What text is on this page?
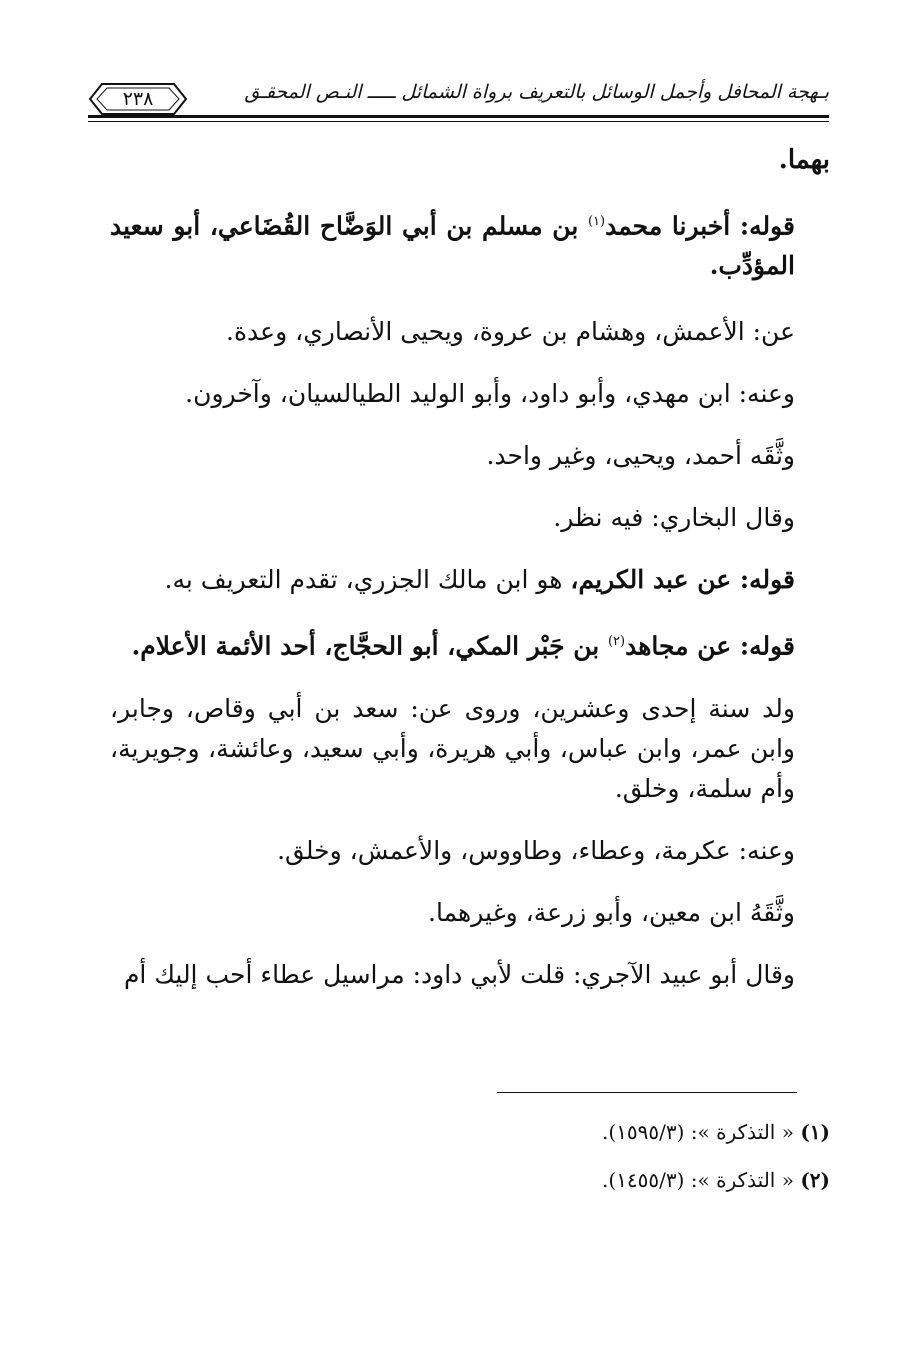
بـهجة المحافل وأجمل الوسائل بالتعريف برواة الشمائل ـــــ النـص المحقـق
٢٣٨

بهما.

قوله: أخبرنا محمد$^{(١)}$ بن مسلم بن أبي الوَضَّاح القُضَاعي، أبو سعيد المؤدِّب.

عن: الأعمش، وهشام بن عروة، ويحيى الأنصاري، وعدة.

وعنه: ابن مهدي، وأبو داود، وأبو الوليد الطيالسيان، وآخرون.

وثَّقَه أحمد، ويحيى، وغير واحد.

وقال البخاري: فيه نظر.

قوله: عن عبد الكريم، هو ابن مالك الجزري، تقدم التعريف به.

قوله: عن مجاهد$^{(٢)}$ بن جَبْر المكي، أبو الحجَّاج، أحد الأئمة الأعلام.

ولد سنة إحدى وعشرين، وروى عن: سعد بن أبي وقاص، وجابر، وابن عمر، وابن عباس، وأبي هريرة، وأبي سعيد، وعائشة، وجويرية، وأم سلمة، وخلق.

وعنه: عكرمة، وعطاء، وطاووس، والأعمش، وخلق.

وثَّقَهُ ابن معين، وأبو زرعة، وغيرهما.

وقال أبو عبيد الآجري: قلت لأبي داود: مراسيل عطاء أحب إليك أم

(١) « التذكرة »: (١٥٩٥/٣).

(٢) « التذكرة »: (١٤٥٥/٣).
